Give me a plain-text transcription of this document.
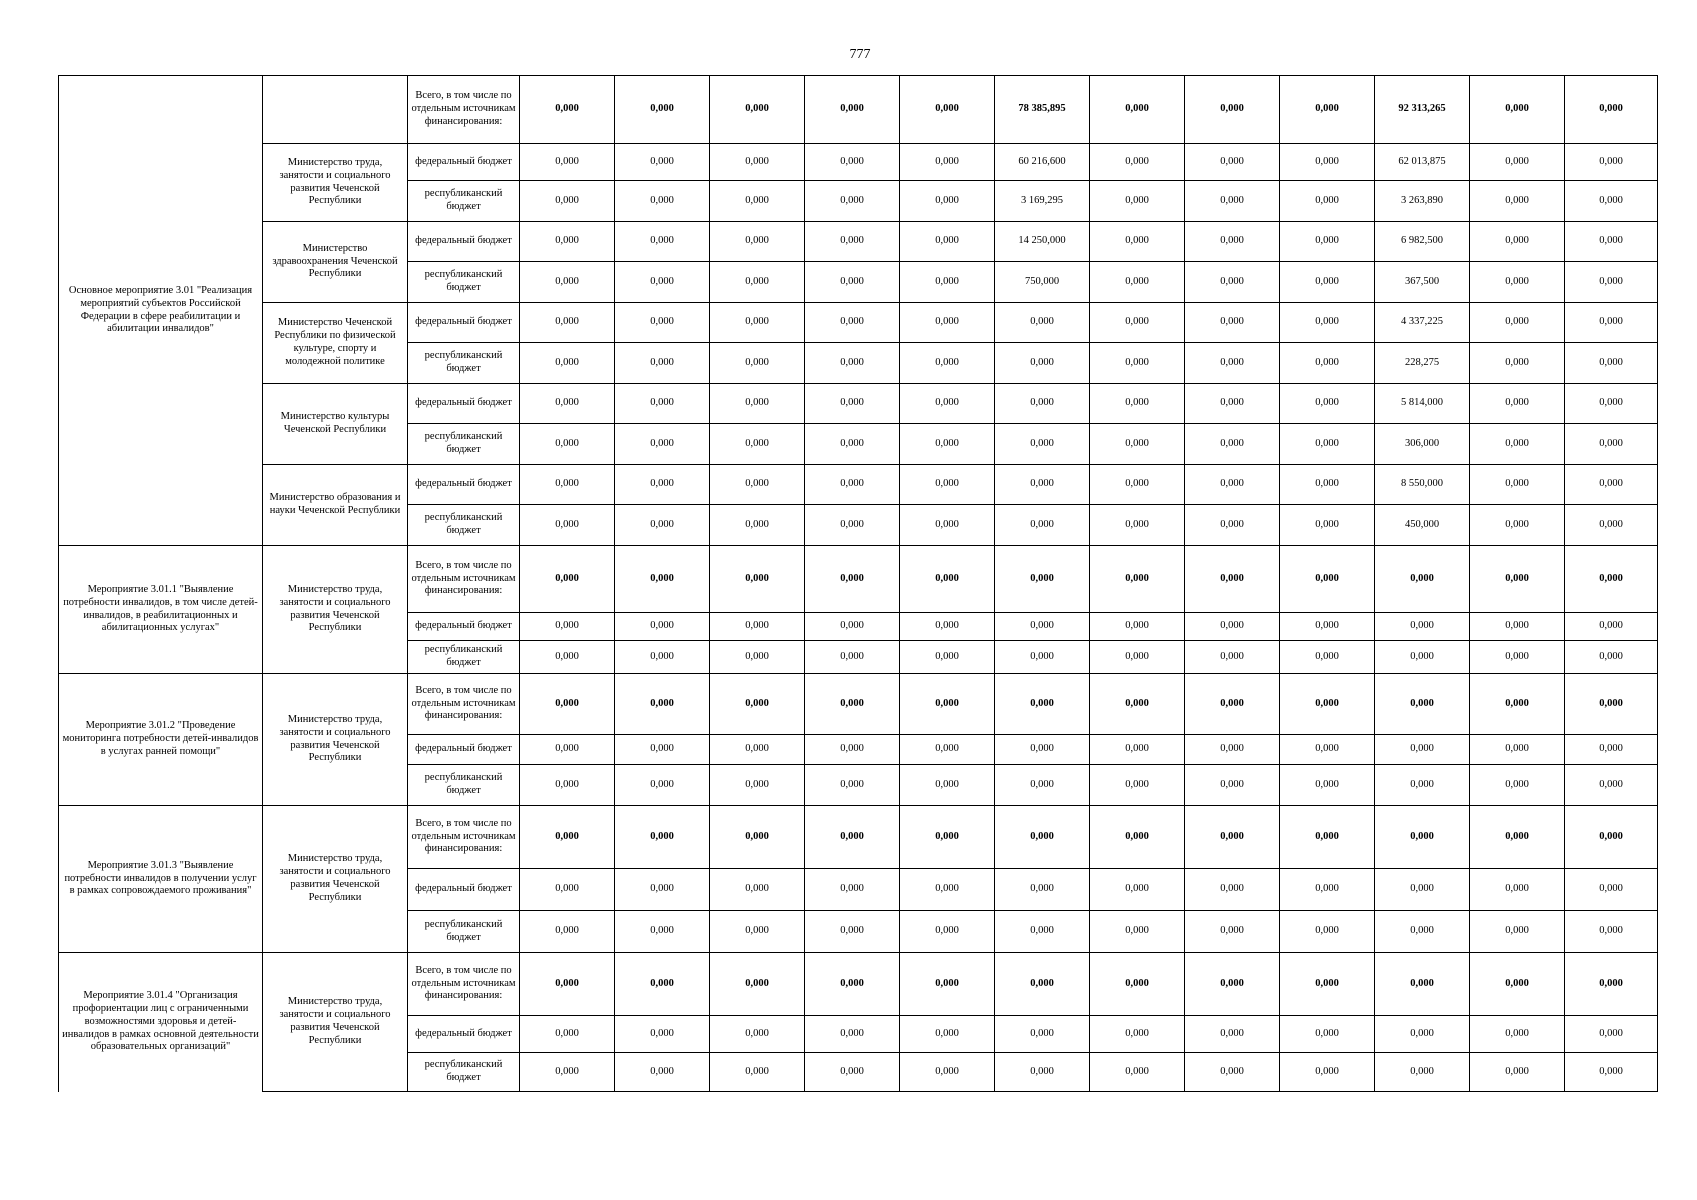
777
Основное мероприятие 3.01 "Реализация мероприятий субъектов Российской Федерации в сфере реабилитации и абилитации инвалидов"		Всего, в том числе по отдельным источникам финансирования:	0,000	0,000	0,000	0,000	0,000	78 385,895	0,000	0,000	0,000	92 313,265	0,000	0,000
	Министерство труда, занятости и социального развития Чеченской Республики	федеральный бюджет	0,000	0,000	0,000	0,000	0,000	60 216,600	0,000	0,000	0,000	62 013,875	0,000	0,000
		республиканский бюджет	0,000	0,000	0,000	0,000	0,000	3 169,295	0,000	0,000	0,000	3 263,890	0,000	0,000
	Министерство здравоохранения Чеченской Республики	федеральный бюджет	0,000	0,000	0,000	0,000	0,000	14 250,000	0,000	0,000	0,000	6 982,500	0,000	0,000
		республиканский бюджет	0,000	0,000	0,000	0,000	0,000	750,000	0,000	0,000	0,000	367,500	0,000	0,000
	Министерство Чеченской Республики по физической культуре, спорту и молодежной политике	федеральный бюджет	0,000	0,000	0,000	0,000	0,000	0,000	0,000	0,000	0,000	4 337,225	0,000	0,000
		республиканский бюджет	0,000	0,000	0,000	0,000	0,000	0,000	0,000	0,000	0,000	228,275	0,000	0,000
	Министерство культуры Чеченской Республики	федеральный бюджет	0,000	0,000	0,000	0,000	0,000	0,000	0,000	0,000	0,000	5 814,000	0,000	0,000
		республиканский бюджет	0,000	0,000	0,000	0,000	0,000	0,000	0,000	0,000	0,000	306,000	0,000	0,000
	Министерство образования и науки Чеченской Республики	федеральный бюджет	0,000	0,000	0,000	0,000	0,000	0,000	0,000	0,000	0,000	8 550,000	0,000	0,000
		республиканский бюджет	0,000	0,000	0,000	0,000	0,000	0,000	0,000	0,000	0,000	450,000	0,000	0,000
Мероприятие 3.01.1 "Выявление потребности инвалидов, в том числе детей-инвалидов, в реабилитационных и абилитационных услугах"	Министерство труда, занятости и социального развития Чеченской Республики	Всего, в том числе по отдельным источникам финансирования:	0,000	0,000	0,000	0,000	0,000	0,000	0,000	0,000	0,000	0,000	0,000	0,000
		федеральный бюджет	0,000	0,000	0,000	0,000	0,000	0,000	0,000	0,000	0,000	0,000	0,000	0,000
		республиканский бюджет	0,000	0,000	0,000	0,000	0,000	0,000	0,000	0,000	0,000	0,000	0,000	0,000
Мероприятие 3.01.2 "Проведение мониторинга потребности детей-инвалидов в услугах ранней помощи"	Министерство труда, занятости и социального развития Чеченской Республики	Всего, в том числе по отдельным источникам финансирования:	0,000	0,000	0,000	0,000	0,000	0,000	0,000	0,000	0,000	0,000	0,000	0,000
		федеральный бюджет	0,000	0,000	0,000	0,000	0,000	0,000	0,000	0,000	0,000	0,000	0,000	0,000
		республиканский бюджет	0,000	0,000	0,000	0,000	0,000	0,000	0,000	0,000	0,000	0,000	0,000	0,000
Мероприятие 3.01.3 "Выявление потребности инвалидов в получении услуг в рамках сопровождаемого проживания"	Министерство труда, занятости и социального развития Чеченской Республики	Всего, в том числе по отдельным источникам финансирования:	0,000	0,000	0,000	0,000	0,000	0,000	0,000	0,000	0,000	0,000	0,000	0,000
		федеральный бюджет	0,000	0,000	0,000	0,000	0,000	0,000	0,000	0,000	0,000	0,000	0,000	0,000
		республиканский бюджет	0,000	0,000	0,000	0,000	0,000	0,000	0,000	0,000	0,000	0,000	0,000	0,000
Мероприятие 3.01.4 "Организация профориентации лиц с ограниченными возможностями здоровья и детей-инвалидов в рамках основной деятельности образовательных организаций"	Министерство труда, занятости и социального развития Чеченской Республики	Всего, в том числе по отдельным источникам финансирования:	0,000	0,000	0,000	0,000	0,000	0,000	0,000	0,000	0,000	0,000	0,000	0,000
		федеральный бюджет	0,000	0,000	0,000	0,000	0,000	0,000	0,000	0,000	0,000	0,000	0,000	0,000
		республиканский бюджет	0,000	0,000	0,000	0,000	0,000	0,000	0,000	0,000	0,000	0,000	0,000	0,000
